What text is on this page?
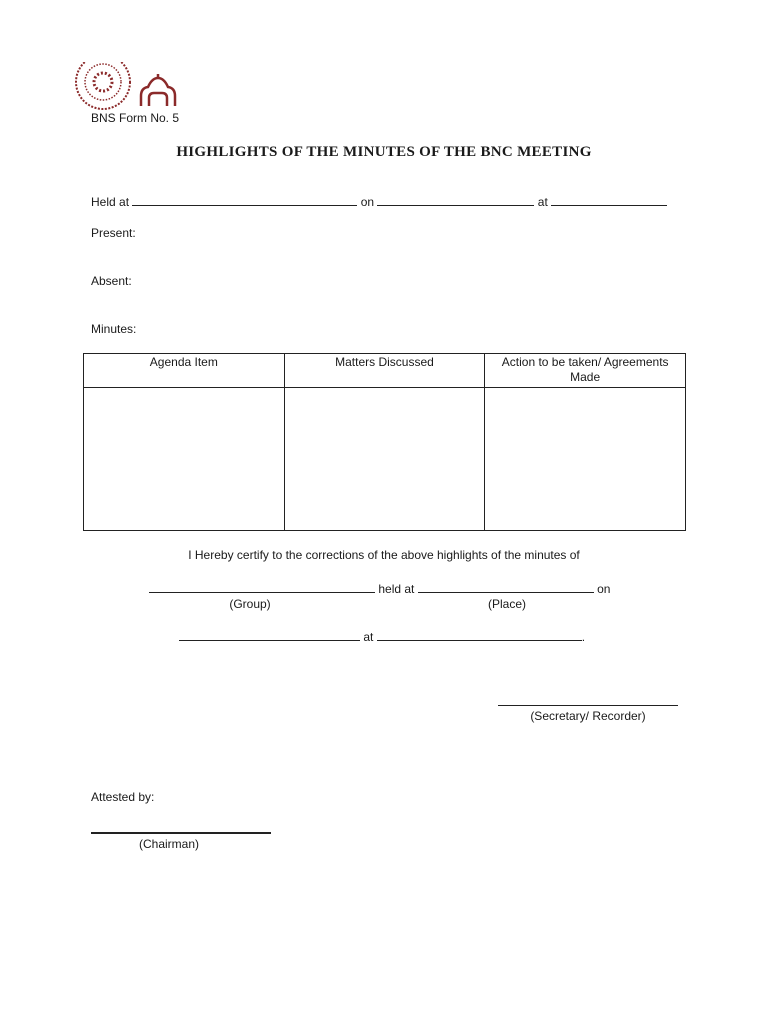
BNS Form No. 5
HIGHLIGHTS OF THE MINUTES OF THE BNC MEETING
Held at	on	at
Present:
Absent:
Minutes:
Agenda Item	Matters Discussed	Action to be taken/ Agreements Made

I Hereby certify to the corrections of the above highlights of the minutes of
held at	on
(Group)	(Place)
at	.
(Secretary/ Recorder)
Attested by:
(Chairman)
